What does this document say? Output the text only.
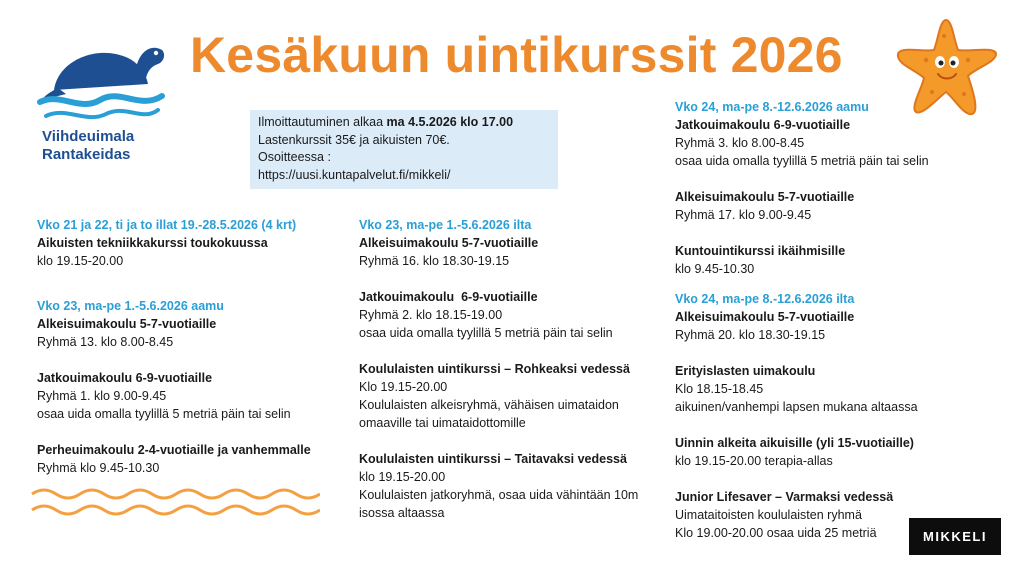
Viihdeuimala
Rantakeidas
Kesäkuun uintikurssit 2026
Ilmoittautuminen alkaa ma 4.5.2026 klo 17.00
Lastenkurssit 35€ ja aikuisten 70€.
Osoitteessa :
https://uusi.kuntapalvelut.fi/mikkeli/
Vko 21 ja 22, ti ja to illat 19.-28.5.2026 (4 krt)
Aikuisten tekniikkakurssi toukokuussa
klo 19.15-20.00
Vko 23, ma-pe 1.-5.6.2026 aamu
Alkeisuimakoulu 5-7-vuotiaille
Ryhmä 13. klo 8.00-8.45
Jatkouimakoulu 6-9-vuotiaille
Ryhmä 1. klo 9.00-9.45
osaa uida omalla tyylillä 5 metriä päin tai selin
Perheuimakoulu 2-4-vuotiaille ja vanhemmalle
Ryhmä klo 9.45-10.30
Vko 23, ma-pe 1.-5.6.2026 ilta
Alkeisuimakoulu 5-7-vuotiaille
Ryhmä 16. klo 18.30-19.15
Jatkouimakoulu  6-9-vuotiaille
Ryhmä 2. klo 18.15-19.00
osaa uida omalla tyylillä 5 metriä päin tai selin
Koululaisten uintikurssi – Rohkeaksi vedessä
Klo 19.15-20.00
Koululaisten alkeisryhmä, vähäisen uimataidon
omaaville tai uimataidottomille
Koululaisten uintikurssi – Taitavaksi vedessä
klo 19.15-20.00
Koululaisten jatkoryhmä, osaa uida vähintään 10m
isossa altaassa
Vko 24, ma-pe 8.-12.6.2026 aamu
Jatkouimakoulu 6-9-vuotiaille
Ryhmä 3. klo 8.00-8.45
osaa uida omalla tyylillä 5 metriä päin tai selin
Alkeisuimakoulu 5-7-vuotiaille
Ryhmä 17. klo 9.00-9.45
Kuntouintikurssi ikäihmisille
klo 9.45-10.30
Vko 24, ma-pe 8.-12.6.2026 ilta
Alkeisuimakoulu 5-7-vuotiaille
Ryhmä 20. klo 18.30-19.15
Erityislasten uimakoulu
Klo 18.15-18.45
aikuinen/vanhempi lapsen mukana altaassa
Uinnin alkeita aikuisille (yli 15-vuotiaille)
klo 19.15-20.00 terapia-allas
Junior Lifesaver – Varmaksi vedessä
Uimataitoisten koululaisten ryhmä
Klo 19.00-20.00 osaa uida 25 metriä	MIKKELI
